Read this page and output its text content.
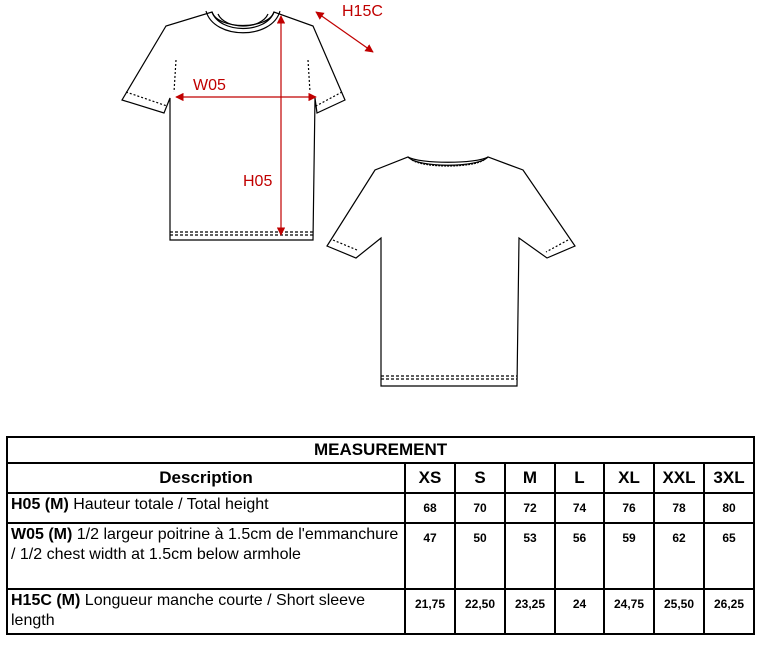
H15C
W05
H05
MEASUREMENT							
Description	XS	S	M	L	XL	XXL	3XL
H05 (M) Hauteur totale / Total height	68	70	72	74	76	78	80
W05 (M) 1/2 largeur poitrine à 1.5cm de l'emmanchure / 1/2 chest width at 1.5cm below armhole	47	50	53	56	59	62	65
H15C (M) Longueur manche courte / Short sleeve length	21,75	22,50	23,25	24	24,75	25,50	26,25
